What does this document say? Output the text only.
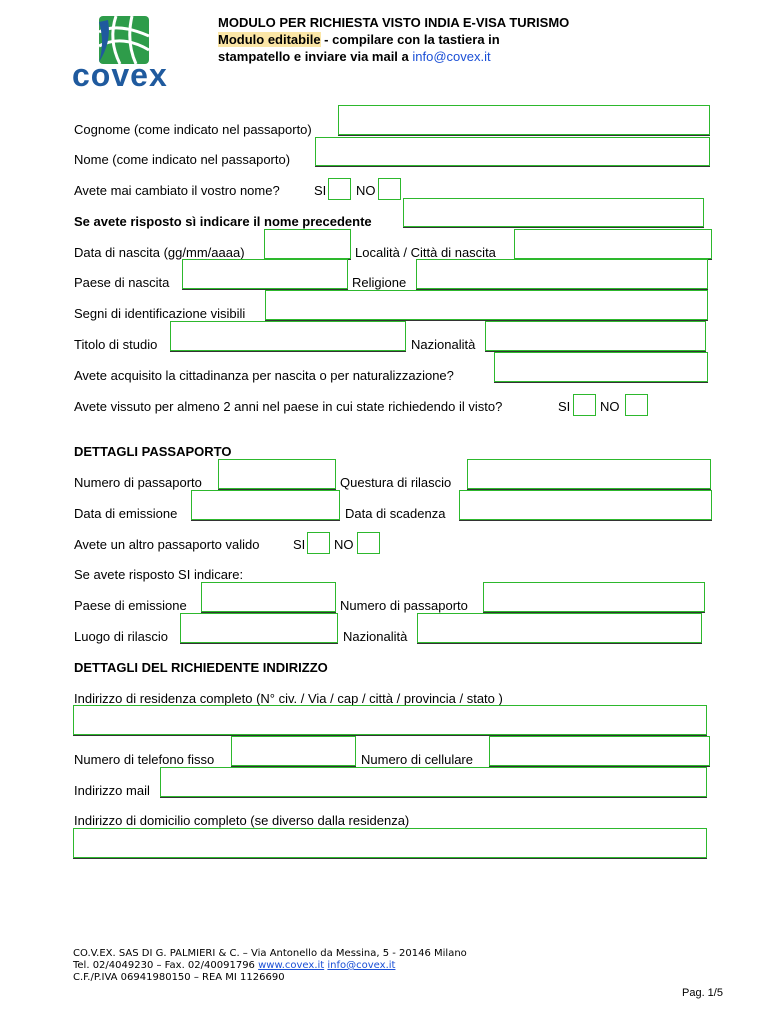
covex
MODULO PER RICHIESTA VISTO INDIA E-VISA TURISMO
Modulo editabile - compilare con la tastiera in
stampatello e inviare via mail a info@covex.it
Cognome (come indicato nel passaporto)
Nome (come indicato nel passaporto)
Avete mai cambiato il vostro nome?	SI NO
Se avete risposto sì indicare il nome precedente
Data di nascita (gg/mm/aaaa)	Località / Città di nascita
Paese di nascita	Religione
Segni di identificazione visibili
Titolo di studio	Nazionalità
Avete acquisito la cittadinanza per nascita o per naturalizzazione?
Avete vissuto per almeno 2 anni nel paese in cui state richiedendo il visto?	SI NO
DETTAGLI PASSAPORTO
Numero di passaporto	Questura di rilascio
Data di emissione	Data di scadenza
Avete un altro passaporto valido	SI NO
Se avete risposto SI indicare:
Paese di emissione	Numero di passaporto
Luogo di rilascio	Nazionalità
DETTAGLI DEL RICHIEDENTE INDIRIZZO
Indirizzo di residenza completo (N° civ. / Via / cap / città / provincia / stato )
Numero di telefono fisso	Numero di cellulare
Indirizzo mail
Indirizzo di domicilio completo (se diverso dalla residenza)
CO.V.EX. SAS DI G. PALMIERI & C. – Via Antonello da Messina, 5 - 20146 Milano
Tel. 02/4049230 – Fax. 02/40091796 www.covex.it info@covex.it
C.F./P.IVA 06941980150 – REA MI 1126690
Pag. 1/5
